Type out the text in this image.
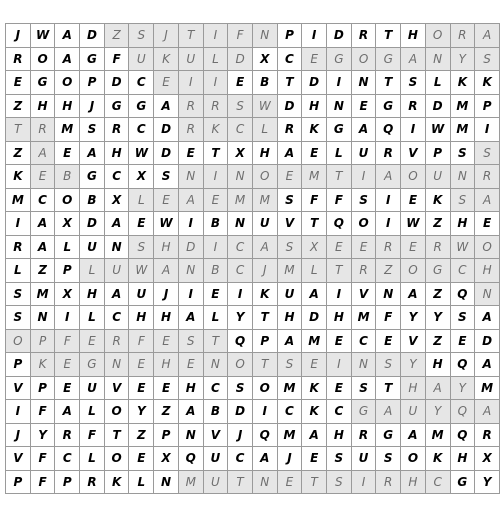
J	W	A	D	Z	S	J	T	I	F	N	P	I	D	R	T	H	O	R	A
R	O	A	G	F	U	K	U	L	D	X	C	E	G	O	G	A	N	Y	S
E	G	O	P	D	C	E	I	I	E	B	T	D	I	N	T	S	L	K	K
Z	H	H	J	G	G	A	R	R	S	W	D	H	N	E	G	R	D	M	P
T	R	M	S	R	C	D	R	K	C	L	R	K	G	A	Q	I	W	M	I
Z	A	E	A	H	W	D	E	T	X	H	A	E	L	U	R	V	P	S	S
K	E	B	G	C	X	S	N	I	N	O	E	M	T	I	A	O	U	N	R
M	C	O	B	X	L	E	A	E	M	M	S	F	F	S	I	E	K	S	A
I	A	X	D	A	E	W	I	B	N	U	V	T	Q	O	I	W	Z	H	E
R	A	L	U	N	S	H	D	I	C	A	S	X	E	E	R	E	R	W	O
L	Z	P	L	U	W	A	N	B	C	J	M	L	T	R	Z	O	G	C	H
S	M	X	H	A	U	J	I	E	I	K	U	A	I	V	N	A	Z	Q	N
S	N	I	L	C	H	H	A	L	Y	T	H	D	H	M	F	Y	Y	S	A
O	P	F	E	R	F	E	S	T	Q	P	A	M	E	C	E	V	Z	E	D
P	K	E	G	N	E	H	E	N	O	T	S	E	I	N	S	Y	H	Q	A
V	P	E	U	V	E	E	H	C	S	O	M	K	E	S	T	H	A	Y	M
I	F	A	L	O	Y	Z	A	B	D	I	C	K	C	G	A	U	Y	Q	A
J	Y	R	F	T	Z	P	N	V	J	Q	M	A	H	R	G	A	M	Q	R
V	F	C	L	O	E	X	Q	U	C	A	J	E	S	U	S	O	K	H	X
P	F	P	R	K	L	N	M	U	T	N	E	T	S	I	R	H	C	G	Y
